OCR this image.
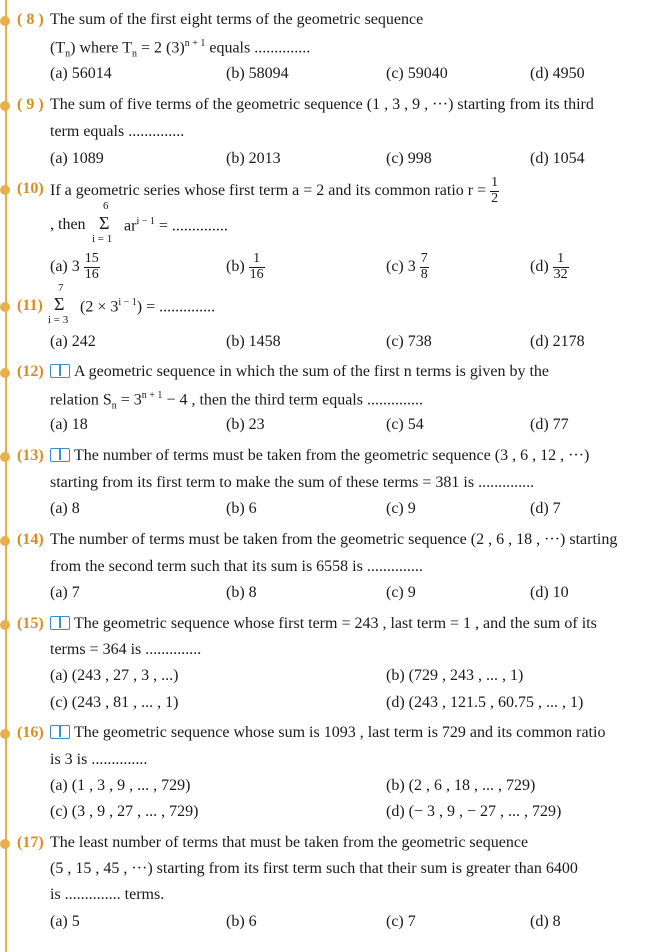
( 8 ) The sum of the first eight terms of the geometric sequence
$(T_n)$ where $T_n = 2$ $(3)^{n + 1}$ equals ..............
(a) 56014	(b) 58094	(c) 59040	(d) 4950
( 9 ) The sum of five terms of the geometric sequence (1 , 3 , 9 , ···) starting from its third
term equals ..............
(a) 1089	(b) 2013	(c) 998	(d) 1054
(10) If a geometric series whose first term a = 2 and its common ratio $r = \frac{1}{2}$
, then
6
Σ
i = 1
$ar^{i - 1}$ = ..............
(a) $3 \frac{15}{16}$	$(b) \frac{1}{16}$	(c) $3 \frac{7}{8}$	$(d) \frac{1}{32}$
(11)
7
Σ
i = 3
$(2 \times 3^{i - 1})$ = ..............
(a) 242	(b) 1458	(c) 738	(d) 2178
(12)	A geometric sequence in which the sum of the first n terms is given by the
relation $S_n = 3^{n + 1} - 4$ , then the third term equals ..............
(a) 18	(b) 23	(c) 54	(d) 77
(13)	The number of terms must be taken from the geometric sequence (3 , 6 , 12 , ···)
starting from its first term to make the sum of these terms = 381 is ..............
(a) 8	(b) 6	(c) 9	(d) 7
(14) The number of terms must be taken from the geometric sequence (2 , 6 , 18 , ···) starting
from the second term such that its sum is 6558 is ..............
(a) 7	(b) 8	(c) 9	(d) 10
(15)	The geometric sequence whose first term = 243 , last term = 1 , and the sum of its
terms = 364 is ..............
(a) (243 , 27 , 3 , ...)	(b) (729 , 243 , ... , 1)
(c) (243 , 81 , ... , 1)	(d) (243 , 121.5 , 60.75 , ... , 1)
(16)	The geometric sequence whose sum is 1093 , last term is 729 and its common ratio
is 3 is ..............
(a) (1 , 3 , 9 , ... , 729)	(b) (2 , 6 , 18 , ... , 729)
(c) (3 , 9 , 27 , ... , 729)	(d) (− 3 , 9 , − 27 , ... , 729)
(17) The least number of terms that must be taken from the geometric sequence
(5 , 15 , 45 , ···) starting from its first term such that their sum is greater than 6400
is .............. terms.
(a) 5	(b) 6	(c) 7	(d) 8
